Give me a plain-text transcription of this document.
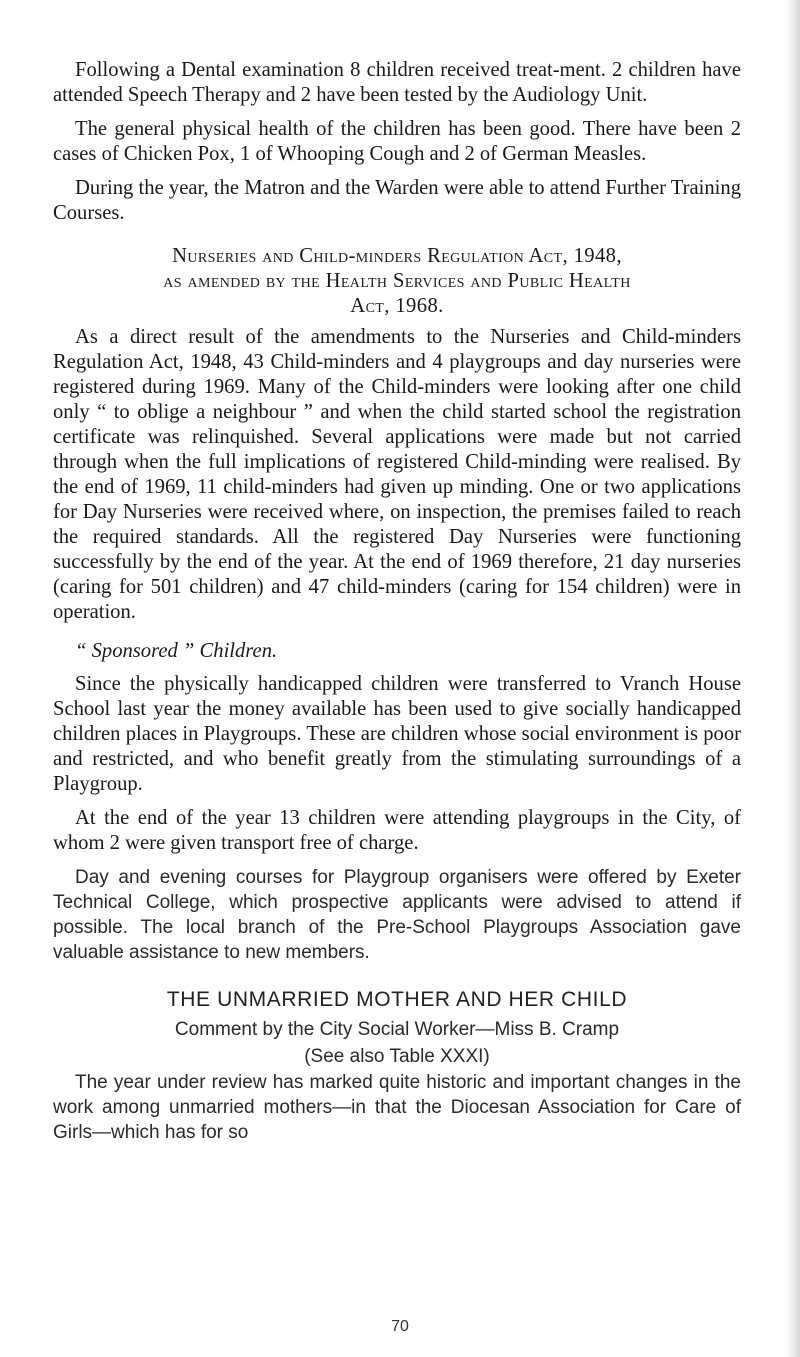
Following a Dental examination 8 children received treat-ment. 2 children have attended Speech Therapy and 2 have been tested by the Audiology Unit.

The general physical health of the children has been good. There have been 2 cases of Chicken Pox, 1 of Whooping Cough and 2 of German Measles.

During the year, the Matron and the Warden were able to attend Further Training Courses.

Nurseries and Child-minders Regulation Act, 1948,
as amended by the Health Services and Public Health
Act, 1968.

As a direct result of the amendments to the Nurseries and Child-minders Regulation Act, 1948, 43 Child-minders and 4 playgroups and day nurseries were registered during 1969. Many of the Child-minders were looking after one child only “ to oblige a neighbour ” and when the child started school the registration certificate was relinquished. Several applications were made but not carried through when the full implications of registered Child-minding were realised. By the end of 1969, 11 child-minders had given up minding. One or two applications for Day Nurseries were received where, on inspection, the premises failed to reach the required standards. All the registered Day Nurseries were functioning successfully by the end of the year. At the end of 1969 therefore, 21 day nurseries (caring for 501 children) and 47 child-minders (caring for 154 children) were in operation.

“ Sponsored ” Children.

Since the physically handicapped children were transferred to Vranch House School last year the money available has been used to give socially handicapped children places in Playgroups. These are children whose social environment is poor and restricted, and who benefit greatly from the stimulating surroundings of a Playgroup.

At the end of the year 13 children were attending playgroups in the City, of whom 2 were given transport free of charge.

Day and evening courses for Playgroup organisers were offered by Exeter Technical College, which prospective applicants were advised to attend if possible. The local branch of the Pre-School Playgroups Association gave valuable assistance to new members.

THE UNMARRIED MOTHER AND HER CHILD
Comment by the City Social Worker—Miss B. Cramp
(See also Table XXXI)

The year under review has marked quite historic and important changes in the work among unmarried mothers—in that the Diocesan Association for Care of Girls—which has for so

70
